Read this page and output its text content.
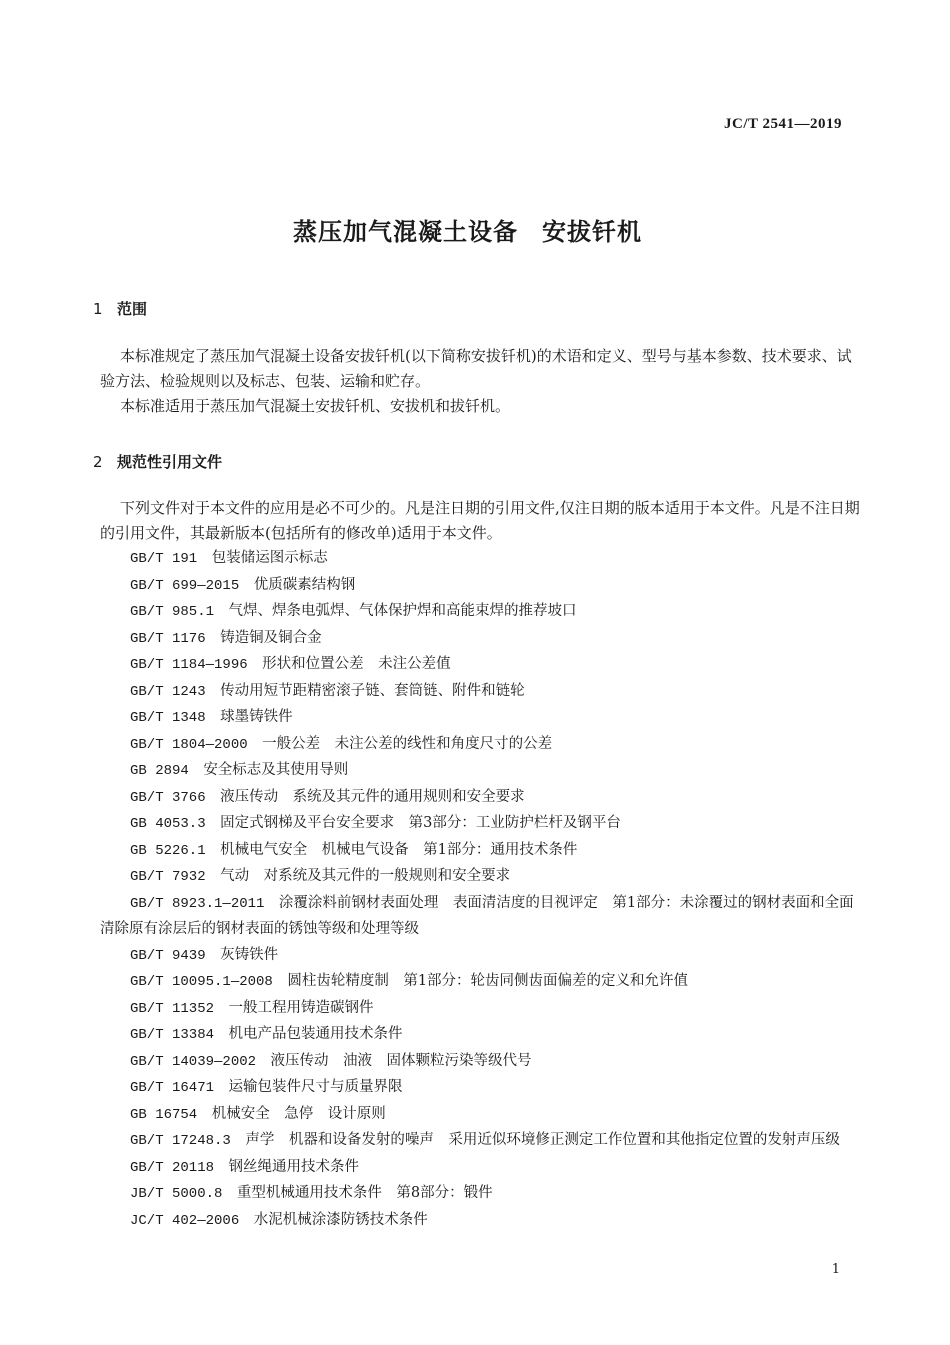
JC/T 2541—2019
蒸压加气混凝土设备 安拔钎机
1 范围
本标准规定了蒸压加气混凝土设备安拔钎机(以下简称安拔钎机)的术语和定义、型号与基本参数、技术要求、试验方法、检验规则以及标志、包装、运输和贮存。
本标准适用于蒸压加气混凝土安拔钎机、安拔机和拔钎机。
2 规范性引用文件
下列文件对于本文件的应用是必不可少的。凡是注日期的引用文件,仅注日期的版本适用于本文件。凡是不注日期的引用文件，其最新版本(包括所有的修改单)适用于本文件。
GB/T 191  包装储运图示标志
GB/T 699—2015  优质碳素结构钢
GB/T 985.1  气焊、焊条电弧焊、气体保护焊和高能束焊的推荐坡口
GB/T 1176  铸造铜及铜合金
GB/T 1184—1996  形状和位置公差　未注公差值
GB/T 1243  传动用短节距精密滚子链、套筒链、附件和链轮
GB/T 1348  球墨铸铁件
GB/T 1804—2000  一般公差　未注公差的线性和角度尺寸的公差
GB 2894  安全标志及其使用导则
GB/T 3766  液压传动　系统及其元件的通用规则和安全要求
GB 4053.3  固定式钢梯及平台安全要求　第3部分：工业防护栏杆及钢平台
GB 5226.1  机械电气安全　机械电气设备　第1部分：通用技术条件
GB/T 7932  气动　对系统及其元件的一般规则和安全要求
GB/T 8923.1—2011  涂覆涂料前钢材表面处理　表面清洁度的目视评定　第1部分：未涂覆过的钢材表面和全面清除原有涂层后的钢材表面的锈蚀等级和处理等级
GB/T 9439  灰铸铁件
GB/T 10095.1—2008  圆柱齿轮精度制　第1部分：轮齿同侧齿面偏差的定义和允许值
GB/T 11352  一般工程用铸造碳钢件
GB/T 13384  机电产品包装通用技术条件
GB/T 14039—2002  液压传动　油液　固体颗粒污染等级代号
GB/T 16471  运输包装件尺寸与质量界限
GB 16754  机械安全　急停　设计原则
GB/T 17248.3  声学　机器和设备发射的噪声　采用近似环境修正测定工作位置和其他指定位置的发射声压级
GB/T 20118  钢丝绳通用技术条件
JB/T 5000.8  重型机械通用技术条件　第8部分：锻件
JC/T 402—2006  水泥机械涂漆防锈技术条件
1
